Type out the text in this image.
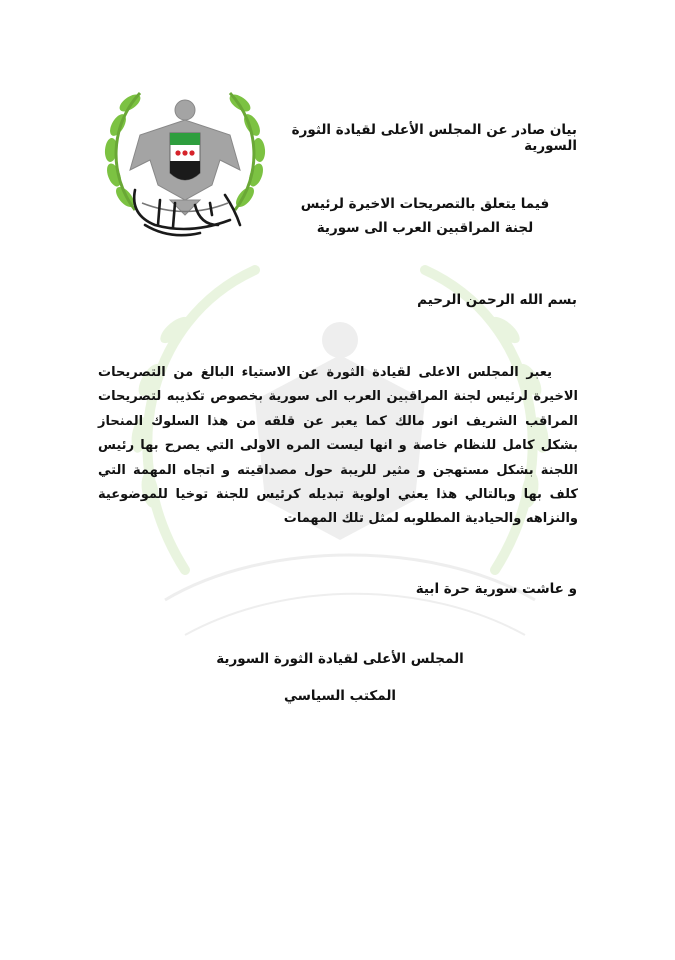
بيان صادر عن المجلس الأعلى لقيادة الثورة السورية
فيما يتعلق بالتصريحات الاخيرة لرئيس لجنة المراقبين العرب الى سورية
بسم الله الرحمن الرحيم
يعبر المجلس الاعلى لقيادة الثورة عن الاستياء البالغ من التصريحات الاخيرة لرئيس لجنة المراقبين العرب الى سورية بخصوص تكذيبه لتصريحات المراقب الشريف انور مالك كما يعبر عن قلقه من هذا السلوك المنحاز بشكل كامل للنظام خاصة و انها ليست المره الاولى التي يصرح بها رئيس اللجنة بشكل مستهجن و مثير للريبة حول مصداقيته و اتجاه المهمة التي كلف بها وبالتالي هذا يعني اولوية تبديله كرئيس للجنة توخيا للموضوعية والنزاهه والحيادية المطلوبه لمثل تلك المهمات
و عاشت سورية حرة ابية
المجلس الأعلى لقيادة الثورة السورية
المكتب السياسي
